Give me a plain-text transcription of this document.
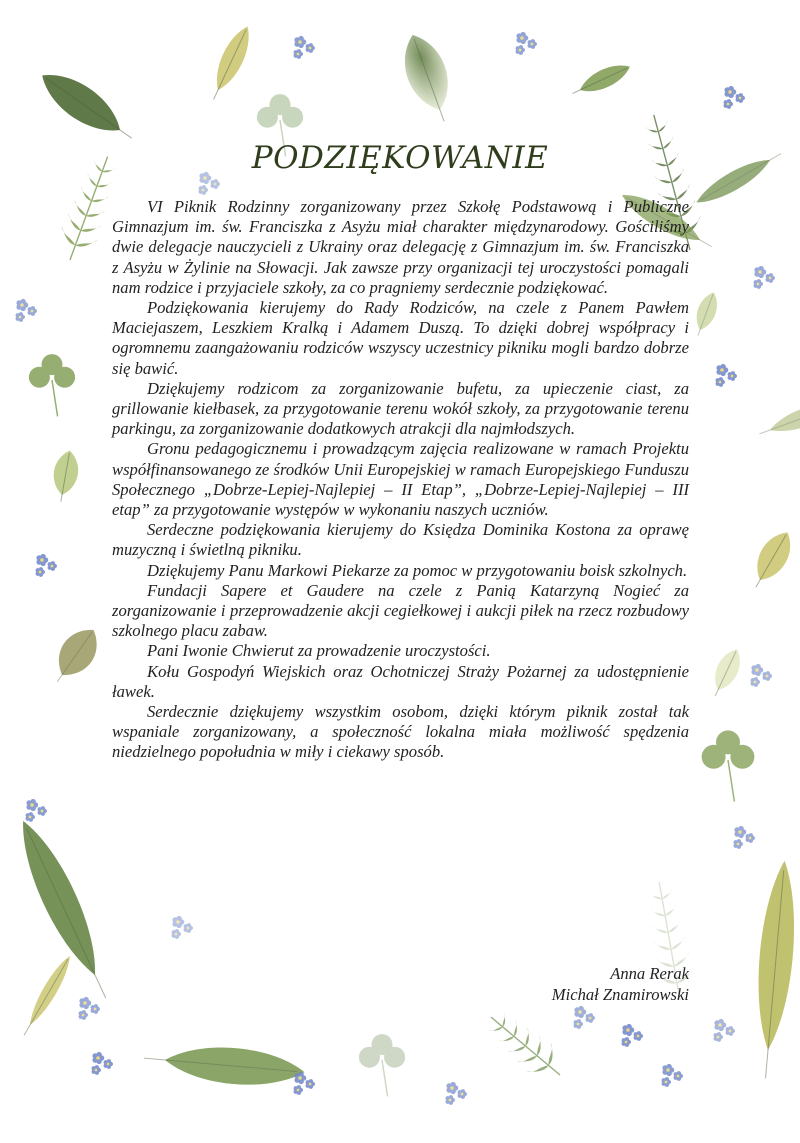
PODZIĘKOWANIE

VI Piknik Rodzinny zorganizowany przez Szkołę Podstawową i Publiczne Gimnazjum im. św. Franciszka z Asyżu miał charakter międzynarodowy. Gościliśmy dwie delegacje nauczycieli z Ukrainy oraz delegację z Gimnazjum im. św. Franciszka z Asyżu w Żylinie na Słowacji. Jak zawsze przy organizacji tej uroczystości pomagali nam rodzice i przyjaciele szkoły, za co pragniemy serdecznie podziękować.

Podziękowania kierujemy do Rady Rodziców, na czele z Panem Pawłem Maciejaszem, Leszkiem Kralką i Adamem Duszą. To dzięki dobrej współpracy i ogromnemu zaangażowaniu rodziców wszyscy uczestnicy pikniku mogli bardzo dobrze się bawić.

Dziękujemy rodzicom za zorganizowanie bufetu, za upieczenie ciast, za grillowanie kiełbasek, za przygotowanie terenu wokół szkoły, za przygotowanie terenu parkingu, za zorganizowanie dodatkowych atrakcji dla najmłodszych.

Gronu pedagogicznemu i prowadzącym zajęcia realizowane w ramach Projektu współfinansowanego ze środków Unii Europejskiej w ramach Europejskiego Funduszu Społecznego „Dobrze-Lepiej-Najlepiej – II Etap”, „Dobrze-Lepiej-Najlepiej – III etap” za przygotowanie występów w wykonaniu naszych uczniów.

Serdeczne podziękowania kierujemy do Księdza Dominika Kostona za oprawę muzyczną i świetlną pikniku.

Dziękujemy Panu Markowi Piekarze za pomoc w przygotowaniu boisk szkolnych.

Fundacji Sapere et Gaudere na czele z Panią Katarzyną Nogieć za zorganizowanie i przeprowadzenie akcji cegiełkowej i aukcji piłek na rzecz rozbudowy szkolnego placu zabaw.

Pani Iwonie Chwierut za prowadzenie uroczystości.

Kołu Gospodyń Wiejskich oraz Ochotniczej Straży Pożarnej za udostępnienie ławek.

Serdecznie dziękujemy wszystkim osobom, dzięki którym piknik został tak wspaniale zorganizowany, a społeczność lokalna miała możliwość spędzenia niedzielnego popołudnia w miły i ciekawy sposób.

Anna Rerak
Michał Znamirowski
